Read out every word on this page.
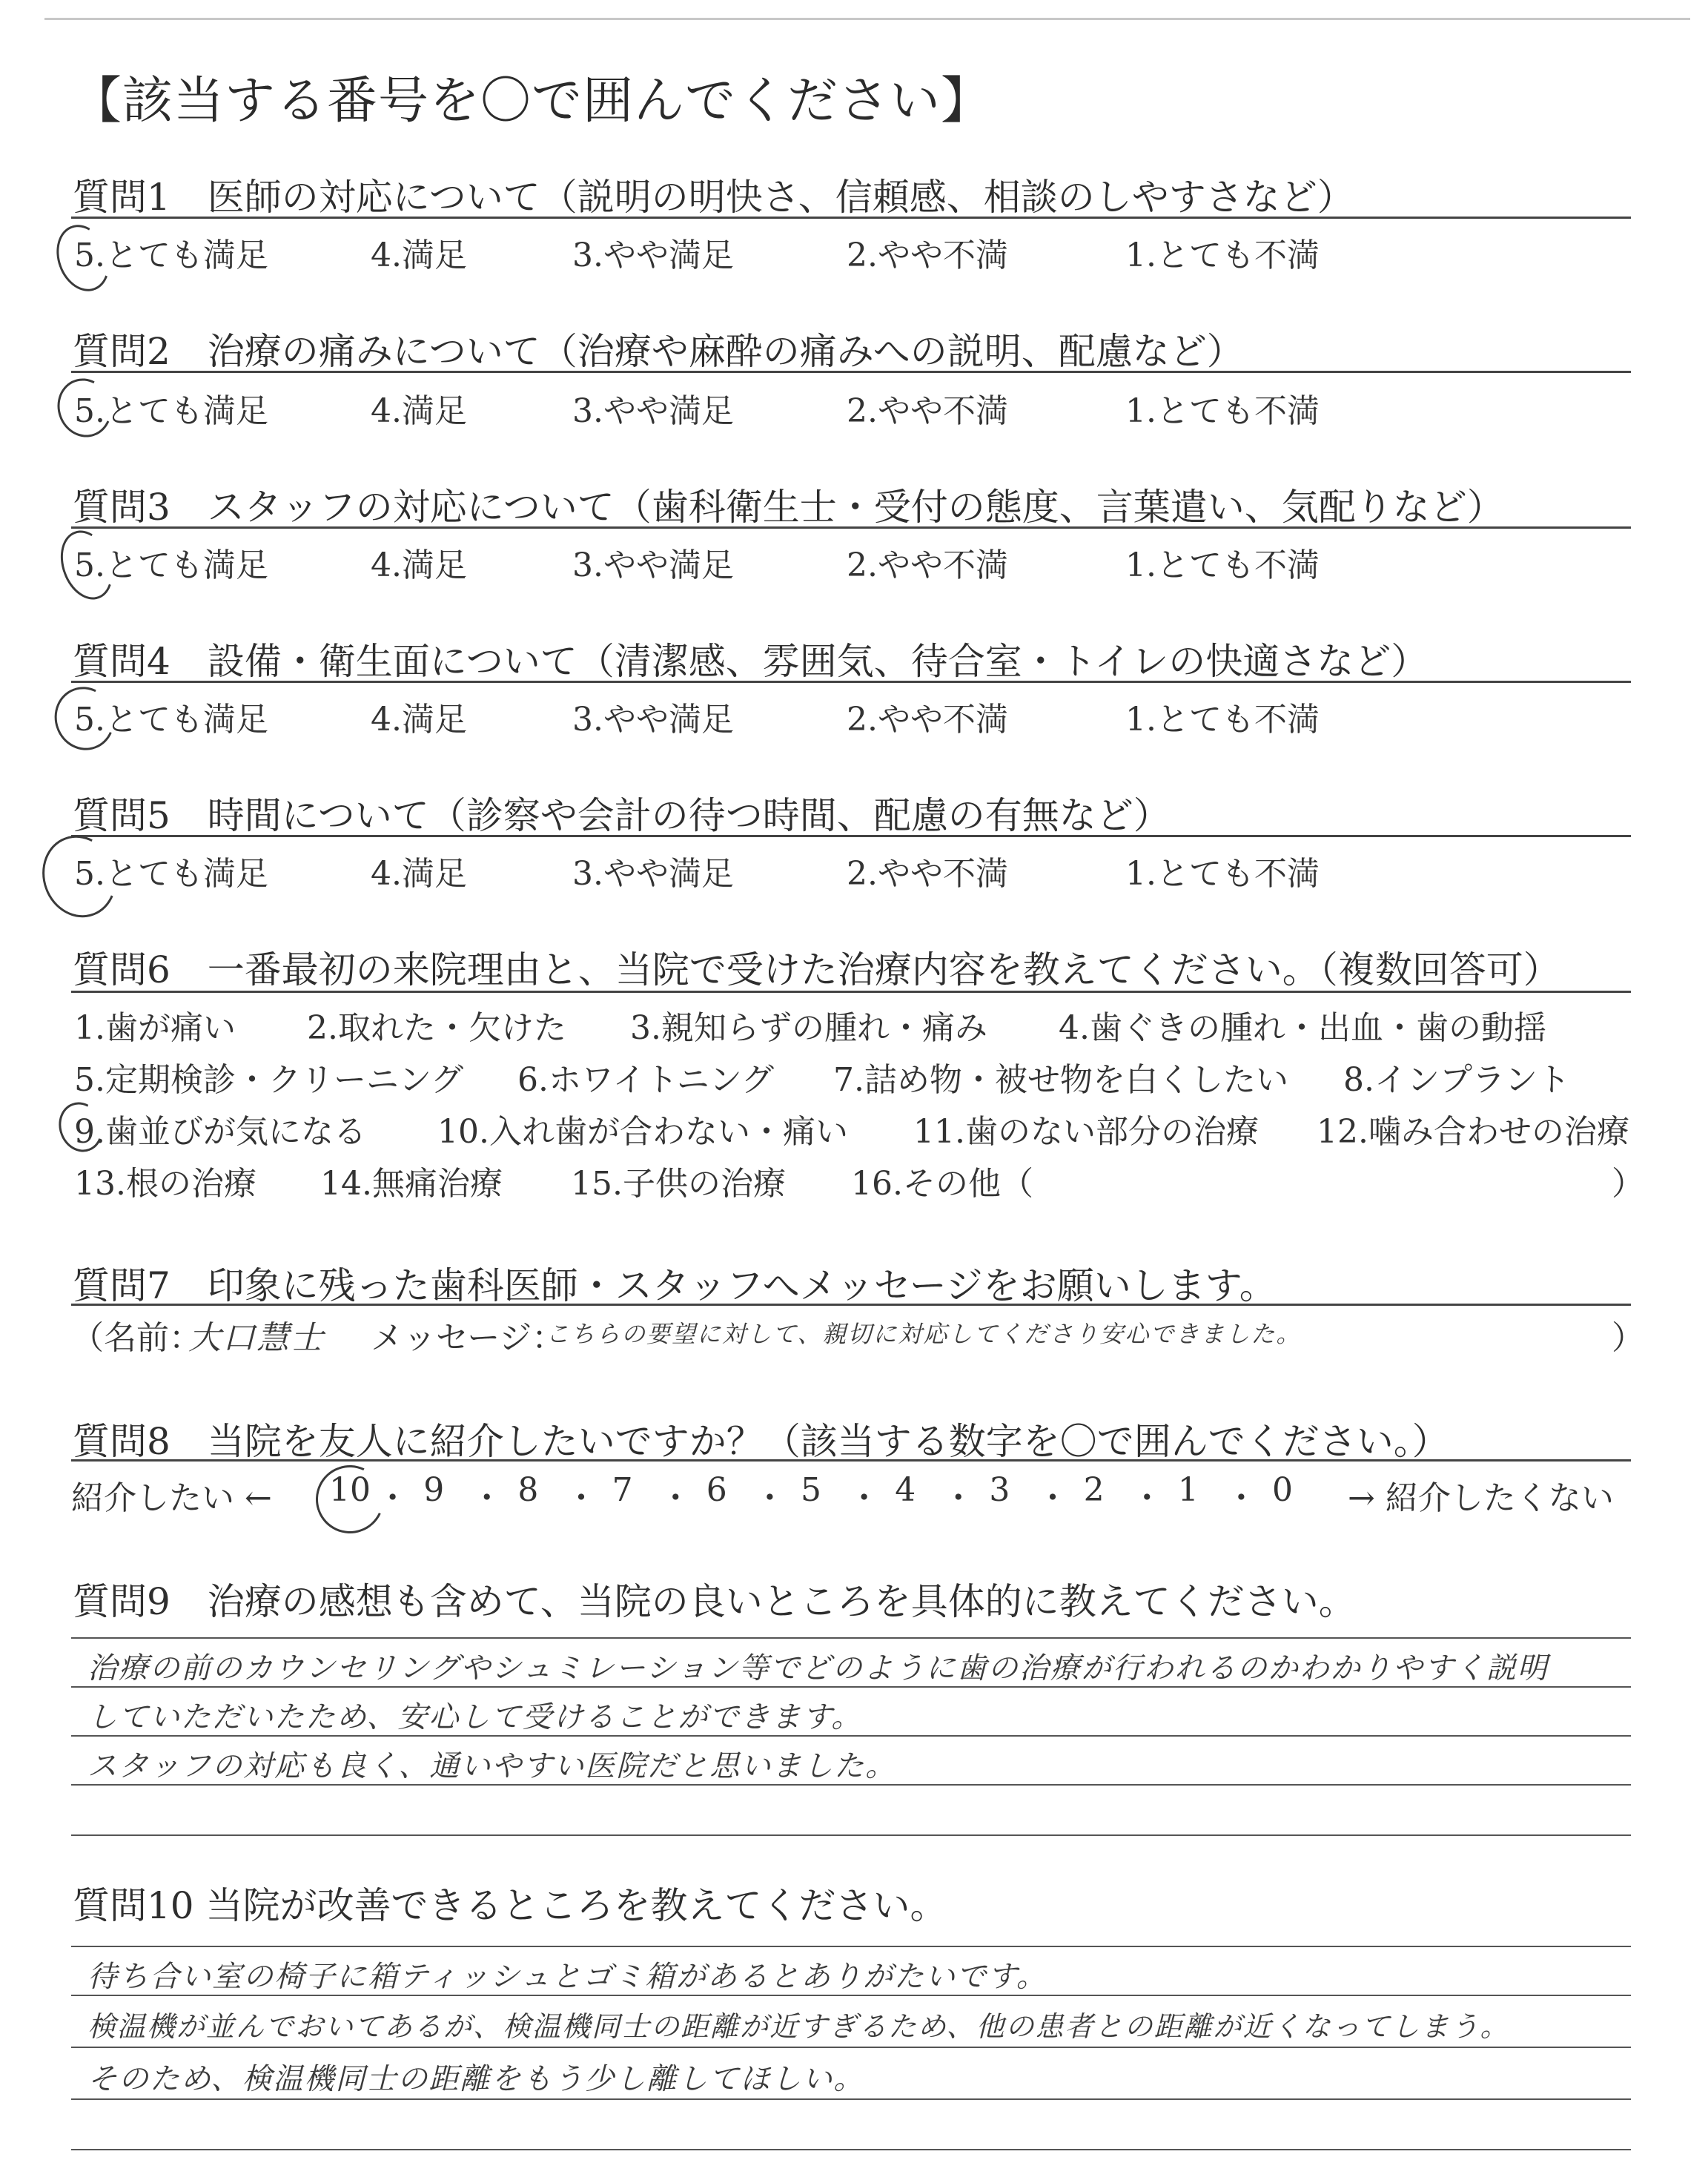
【該当する番号を〇で囲んでください】
質問1　医師の対応について（説明の明快さ、信頼感、相談のしやすさなど）
5.とても満足	4.満足	3.やや満足	2.やや不満	1.とても不満
質問2　治療の痛みについて（治療や麻酔の痛みへの説明、配慮など）
5.とても満足	4.満足	3.やや満足	2.やや不満	1.とても不満
質問3　スタッフの対応について（歯科衛生士・受付の態度、言葉遣い、気配りなど）
5.とても満足	4.満足	3.やや満足	2.やや不満	1.とても不満
質問4　設備・衛生面について（清潔感、雰囲気、待合室・トイレの快適さなど）
5.とても満足	4.満足	3.やや満足	2.やや不満	1.とても不満
質問5　時間について（診察や会計の待つ時間、配慮の有無など）
5.とても満足	4.満足	3.やや満足	2.やや不満	1.とても不満
質問6　一番最初の来院理由と、当院で受けた治療内容を教えてください。（複数回答可）
1.歯が痛い 2.取れた・欠けた 3.親知らずの腫れ・痛み 4.歯ぐきの腫れ・出血・歯の動揺
5.定期検診・クリーニング 6.ホワイトニング 7.詰め物・被せ物を白くしたい 8.インプラント
9.歯並びが気になる 10.入れ歯が合わない・痛い 11.歯のない部分の治療 12.噛み合わせの治療
13.根の治療 14.無痛治療 15.子供の治療 16.その他（	）
質問7　印象に残った歯科医師・スタッフへメッセージをお願いします。
（名前：
大口慧士 メッセージ：
こちらの要望に対して、親切に対応してくださり安心できました。	）
質問8　当院を友人に紹介したいですか？（該当する数字を〇で囲んでください。）
紹介したい ← 10 ・ 9 ・ 8 ・ 7 ・ 6 ・ 5 ・ 4 ・ 3 ・ 2 ・ 1 ・ 0 → 紹介したくない
質問9　治療の感想も含めて、当院の良いところを具体的に教えてください。
治療の前のカウンセリングやシュミレーション等でどのように歯の治療が行われるのかわかりやすく説明
していただいたため、安心して受けることができます。
スタッフの対応も良く、通いやすい医院だと思いました。
質問10 当院が改善できるところを教えてください。
待ち合い室の椅子に箱ティッシュとゴミ箱があるとありがたいです。
検温機が並んでおいてあるが、検温機同士の距離が近すぎるため、他の患者との距離が近くなってしまう。
そのため、検温機同士の距離をもう少し離してほしい。
